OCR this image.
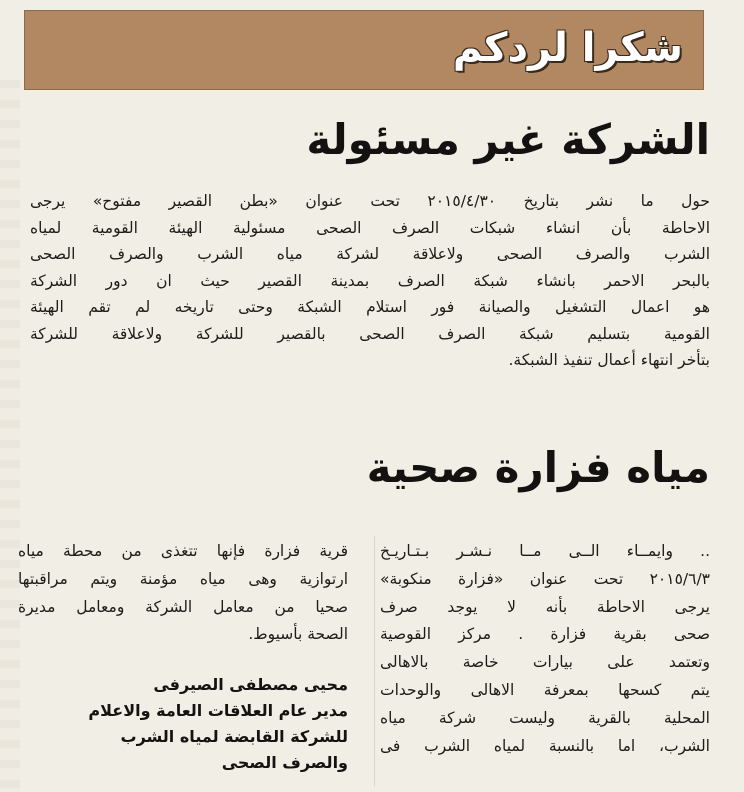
شكرا لردكم
الشركة غير مسئولة
حول ما نشر بتاريخ ٢٠١٥/٤/٣٠ تحت عنوان «بطن القصير مفتوح» يرجى
الاحاطة بأن انشاء شبكات الصرف الصحى مسئولية الهيئة القومية لمياه
الشرب والصرف الصحى ولاعلاقة لشركة مياه الشرب والصرف الصحى
بالبحر الاحمر بانشاء شبكة الصرف بمدينة القصير حيث ان دور الشركة
هو اعمال التشغيل والصيانة فور استلام الشبكة وحتى تاريخه لم تقم الهيئة
القومية بتسليم شبكة الصرف الصحى بالقصير للشركة ولاعلاقة للشركة
بتأخر انتهاء أعمال تنفيذ الشبكة.
مياه فزارة صحية
.. وايمــاء الــى مــا نـشـر بـتـاريـخ
٢٠١٥/٦/٣ تحت عنوان «فزارة منكوبة»
يرجى الاحاطة بأنه لا يوجد صرف
صحى بقرية فزارة . مركز القوصية
وتعتمد على بيارات خاصة بالاهالى
يتم كسحها بمعرفة الاهالى والوحدات
المحلية بالقرية وليست شركة مياه
الشرب، اما بالنسبة لمياه الشرب فى
قرية فزارة فإنها تتغذى من محطة مياه
ارتوازية وهى مياه مؤمنة ويتم مراقبتها
صحيا من معامل الشركة ومعامل مديرة
الصحة بأسيوط.
محيى مصطفى الصيرفى
مدير عام العلاقات العامة والاعلام
للشركة القابضة لمياه الشرب
والصرف الصحى
